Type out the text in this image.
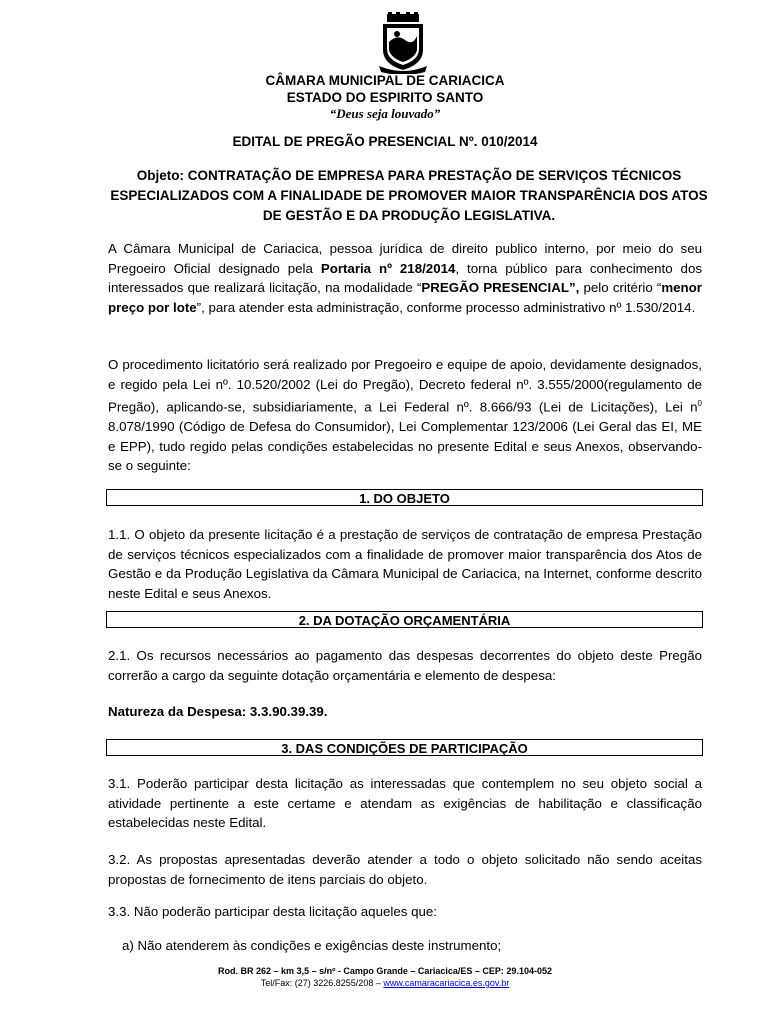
CÂMARA MUNICIPAL DE CARIACICA
ESTADO DO ESPIRITO SANTO
“Deus seja louvado”
EDITAL DE PREGÃO PRESENCIAL Nº. 010/2014
Objeto: CONTRATAÇÃO DE EMPRESA PARA PRESTAÇÃO DE SERVIÇOS TÉCNICOS ESPECIALIZADOS COM A FINALIDADE DE PROMOVER MAIOR TRANSPARÊNCIA DOS ATOS DE GESTÃO E DA PRODUÇÃO LEGISLATIVA.
A Câmara Municipal de Cariacica, pessoa jurídica de direito publico interno, por meio do seu Pregoeiro Oficial designado pela Portaria nº 218/2014, torna público para conhecimento dos interessados que realizará licitação, na modalidade “PREGÃO PRESENCIAL”, pelo critério “menor preço por lote”, para atender esta administração, conforme processo administrativo nº 1.530/2014.
O procedimento licitatório será realizado por Pregoeiro e equipe de apoio, devidamente designados, e regido pela Lei nº. 10.520/2002 (Lei do Pregão), Decreto federal nº. 3.555/2000(regulamento de Pregão), aplicando-se, subsidiariamente, a Lei Federal nº. 8.666/93 (Lei de Licitações), Lei $n^0$ 8.078/1990 (Código de Defesa do Consumidor), Lei Complementar 123/2006 (Lei Geral das EI, ME e EPP), tudo regido pelas condições estabelecidas no presente Edital e seus Anexos, observando-se o seguinte:
1. DO OBJETO
1.1. O objeto da presente licitação é a prestação de serviços de contratação de empresa Prestação de serviços técnicos especializados com a finalidade de promover maior transparência dos Atos de Gestão e da Produção Legislativa da Câmara Municipal de Cariacica, na Internet, conforme descrito neste Edital e seus Anexos.
2. DA DOTAÇÃO ORÇAMENTÁRIA
2.1. Os recursos necessários ao pagamento das despesas decorrentes do objeto deste Pregão correrão a cargo da seguinte dotação orçamentária e elemento de despesa:
Natureza da Despesa: 3.3.90.39.39.
3. DAS CONDIÇÕES DE PARTICIPAÇÃO
3.1. Poderão participar desta licitação as interessadas que contemplem no seu objeto social a atividade pertinente a este certame e atendam as exigências de habilitação e classificação estabelecidas neste Edital.
3.2. As propostas apresentadas deverão atender a todo o objeto solicitado não sendo aceitas propostas de fornecimento de itens parciais do objeto.
3.3. Não poderão participar desta licitação aqueles que:
a) Não atenderem às condições e exigências deste instrumento;
Rod. BR 262 – km 3,5 – s/nº - Campo Grande – Cariacica/ES – CEP: 29.104-052
Tel/Fax: (27) 3226.8255/208 – www.camaracariacica.es.gov.br
